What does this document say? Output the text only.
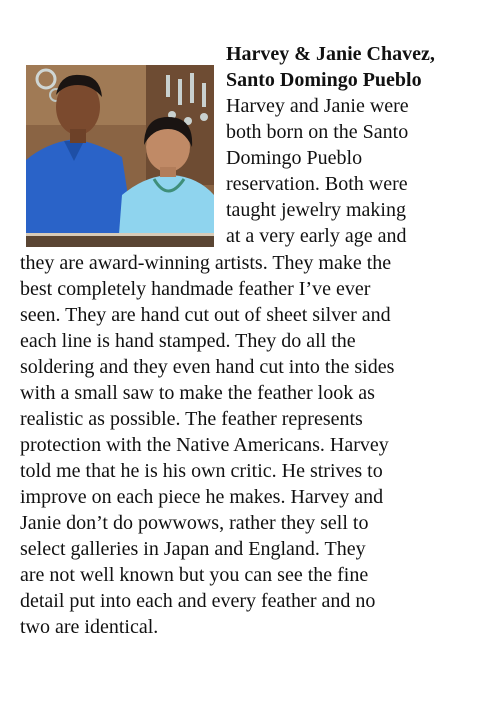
Harvey & Janie Chavez,
Santo Domingo Pueblo

Harvey and Janie were

both born on the Santo

Domingo Pueblo

reservation. Both were

taught jewelry making

at a very early age and

they are award-winning artists. They make the

best completely handmade feather I’ve ever

seen. They are hand cut out of sheet silver and

each line is hand stamped. They do all the

soldering and they even hand cut into the sides

with a small saw to make the feather look as

realistic as possible. The feather represents

protection with the Native Americans. Harvey

told me that he is his own critic. He strives to

improve on each piece he makes. Harvey and

Janie don’t do powwows, rather they sell to

select galleries in Japan and England. They

are not well known but you can see the fine

detail put into each and every feather and no

two are identical.
